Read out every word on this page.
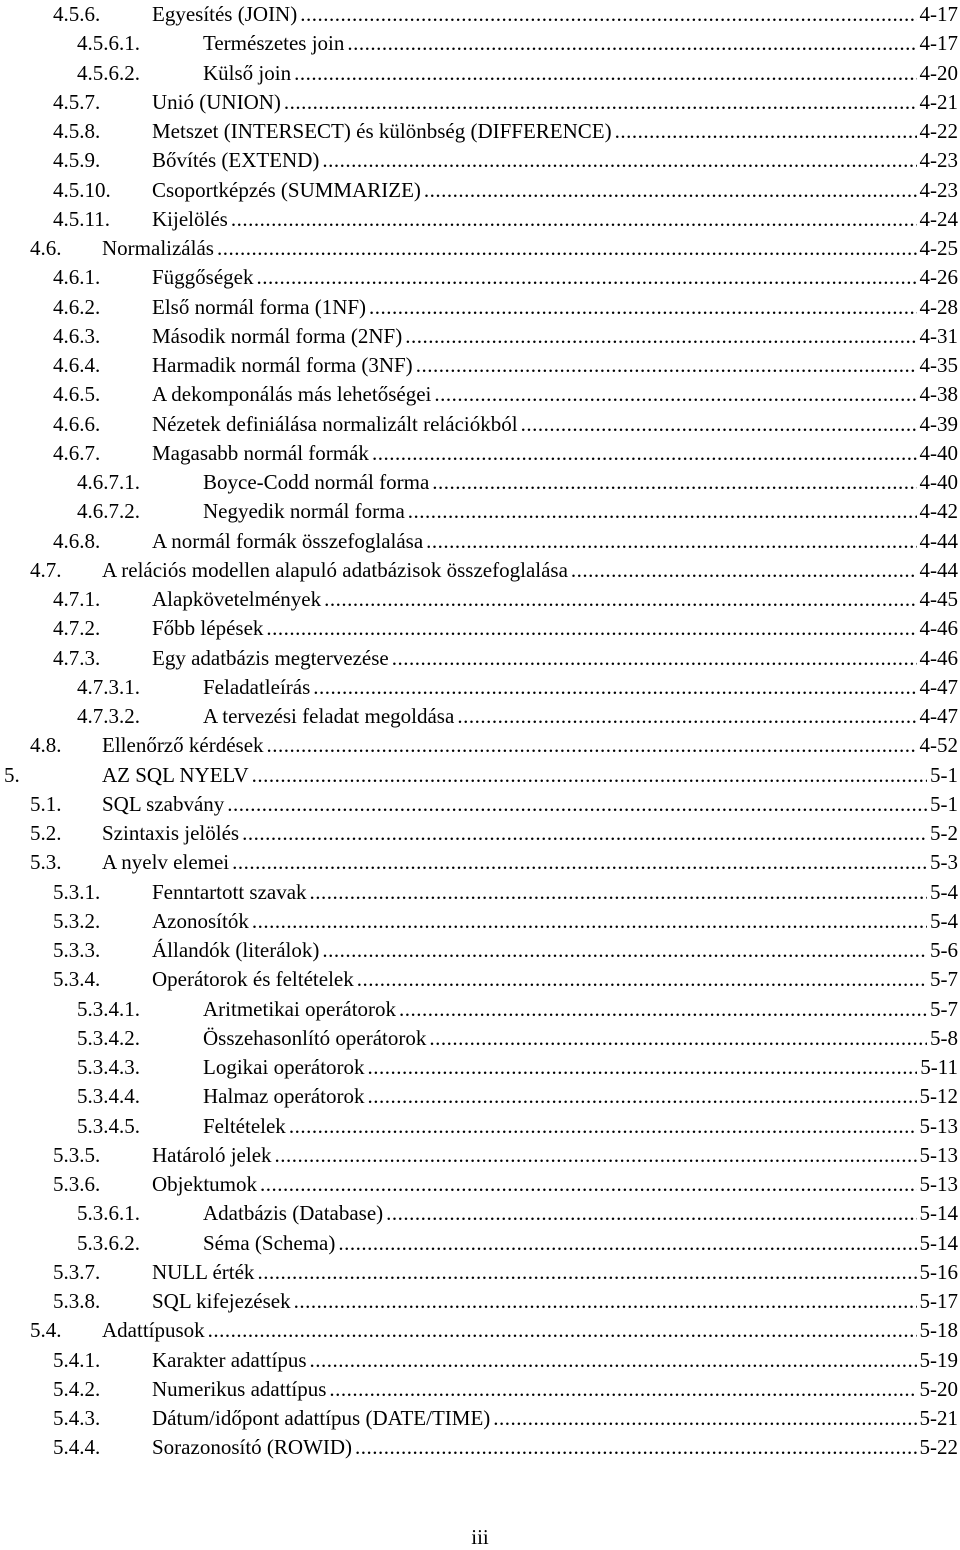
4.5.6.	Egyesítés (JOIN) .....	4-17
4.5.6.1.	Természetes join .....	4-17
4.5.6.2.	Külső join .....	4-20
4.5.7.	Unió (UNION) .....	4-21
4.5.8.	Metszet (INTERSECT) és különbség (DIFFERENCE) .....	4-22
4.5.9.	Bővítés (EXTEND) .....	4-23
4.5.10.	Csoportképzés (SUMMARIZE) .....	4-23
4.5.11.	Kijelölés .....	4-24
4.6.	Normalizálás .....	4-25
4.6.1.	Függőségek .....	4-26
4.6.2.	Első normál forma (1NF) .....	4-28
4.6.3.	Második normál forma (2NF) .....	4-31
4.6.4.	Harmadik normál forma (3NF) .....	4-35
4.6.5.	A dekomponálás más lehetőségei .....	4-38
4.6.6.	Nézetek definiálása normalizált relációkból .....	4-39
4.6.7.	Magasabb normál formák .....	4-40
4.6.7.1.	Boyce-Codd normál forma .....	4-40
4.6.7.2.	Negyedik normál forma .....	4-42
4.6.8.	A normál formák összefoglalása .....	4-44
4.7.	A relációs modellen alapuló adatbázisok összefoglalása .....	4-44
4.7.1.	Alapkövetelmények .....	4-45
4.7.2.	Főbb lépések .....	4-46
4.7.3.	Egy adatbázis megtervezése .....	4-46
4.7.3.1.	Feladatleírás .....	4-47
4.7.3.2.	A tervezési feladat megoldása .....	4-47
4.8.	Ellenőrző kérdések .....	4-52
5.	AZ SQL NYELV .....	5-1
5.1.	SQL szabvány .....	5-1
5.2.	Szintaxis jelölés .....	5-2
5.3.	A nyelv elemei .....	5-3
5.3.1.	Fenntartott szavak .....	5-4
5.3.2.	Azonosítók .....	5-4
5.3.3.	Állandók (literálok) .....	5-6
5.3.4.	Operátorok és feltételek .....	5-7
5.3.4.1.	Aritmetikai operátorok .....	5-7
5.3.4.2.	Összehasonlító operátorok .....	5-8
5.3.4.3.	Logikai operátorok .....	5-11
5.3.4.4.	Halmaz operátorok .....	5-12
5.3.4.5.	Feltételek .....	5-13
5.3.5.	Határoló jelek .....	5-13
5.3.6.	Objektumok .....	5-13
5.3.6.1.	Adatbázis (Database) .....	5-14
5.3.6.2.	Séma (Schema) .....	5-14
5.3.7.	NULL érték .....	5-16
5.3.8.	SQL kifejezések .....	5-17
5.4.	Adattípusok .....	5-18
5.4.1.	Karakter adattípus .....	5-19
5.4.2.	Numerikus adattípus .....	5-20
5.4.3.	Dátum/időpont adattípus (DATE/TIME) .....	5-21
5.4.4.	Sorazonosító (ROWID) .....	5-22
iii
